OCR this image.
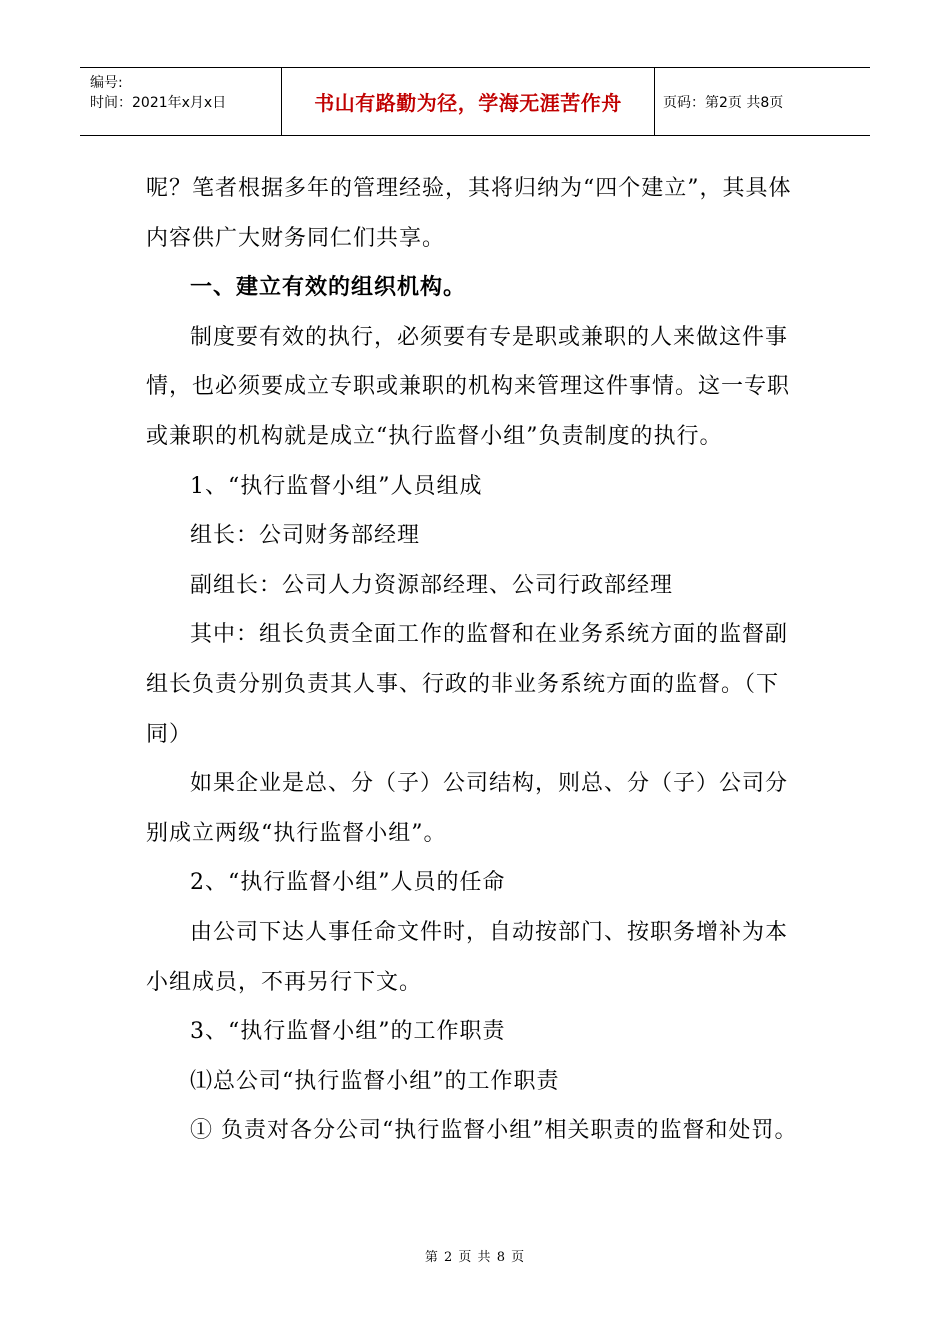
编号:
时间：2021年x月x日	书山有路勤为径，学海无涯苦作舟	页码：第2页 共8页

呢？笔者根据多年的管理经验，其将归纳为“四个建立”，其具体内容供广大财务同仁们共享。

一、建立有效的组织机构。

制度要有效的执行，必须要有专是职或兼职的人来做这件事情，也必须要成立专职或兼职的机构来管理这件事情。这一专职或兼职的机构就是成立“执行监督小组”负责制度的执行。

1、“执行监督小组”人员组成

组长：公司财务部经理

副组长：公司人力资源部经理、公司行政部经理

其中：组长负责全面工作的监督和在业务系统方面的监督副组长负责分别负责其人事、行政的非业务系统方面的监督。（下同）

如果企业是总、分（子）公司结构，则总、分（子）公司分别成立两级“执行监督小组”。

2、“执行监督小组”人员的任命

由公司下达人事任命文件时，自动按部门、按职务增补为本小组成员，不再另行下文。

3、“执行监督小组”的工作职责

⑴总公司“执行监督小组”的工作职责

① 负责对各分公司“执行监督小组”相关职责的监督和处罚。

第 2 页 共 8 页
